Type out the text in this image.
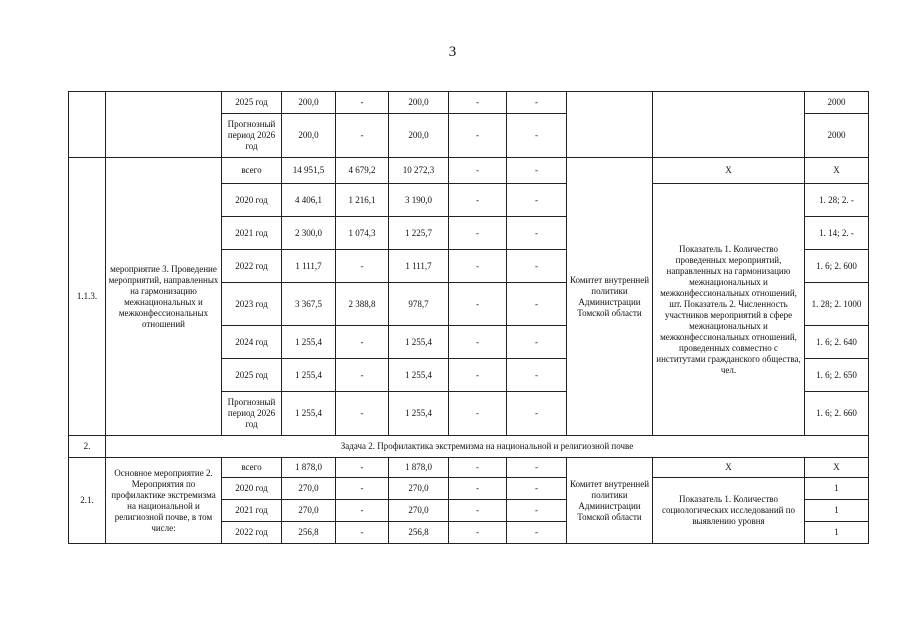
3
		2025 год	200,0	-	200,0	-	-			2000
		Прогнозный период 2026 год	200,0	-	200,0	-	-			2000
1.1.3.	мероприятие 3. Проведение мероприятий, направленных на гармонизацию межнациональных и межконфессиональных отношений	всего	14 951,5	4 679,2	10 272,3	-	-	Комитет внутренней политики Администрации Томской области	Х	Х
		2020 год	4 406,1	1 216,1	3 190,0	-	-		Показатель 1. Количество проведенных мероприятий, направленных на гармонизацию межнациональных и межконфессиональных отношений, шт. Показатель 2. Численность участников мероприятий в сфере межнациональных и межконфессиональных отношений, проведенных совместно с институтами гражданского общества, чел.	1. 28; 2. -
		2021 год	2 300,0	1 074,3	1 225,7	-	-			1. 14; 2. -
		2022 год	1 111,7	-	1 111,7	-	-			1. 6; 2. 600
		2023 год	3 367,5	2 388,8	978,7	-	-			1. 28; 2. 1000
		2024 год	1 255,4	-	1 255,4	-	-			1. 6; 2. 640
		2025 год	1 255,4	-	1 255,4	-	-			1. 6; 2. 650
		Прогнозный период 2026 год	1 255,4	-	1 255,4	-	-			1. 6; 2. 660
2.	Задача 2. Профилактика экстремизма на национальной и религиозной почве									
2.1.	Основное мероприятие 2. Мероприятия по профилактике экстремизма на национальной и религиозной почве, в том числе:	всего	1 878,0	-	1 878,0	-	-	Комитет внутренней политики Администрации Томской области	Х	Х
		2020 год	270,0	-	270,0	-	-		Показатель 1. Количество социологических исследований по выявлению уровня	1
		2021 год	270,0	-	270,0	-	-			1
		2022 год	256,8	-	256,8	-	-			1
